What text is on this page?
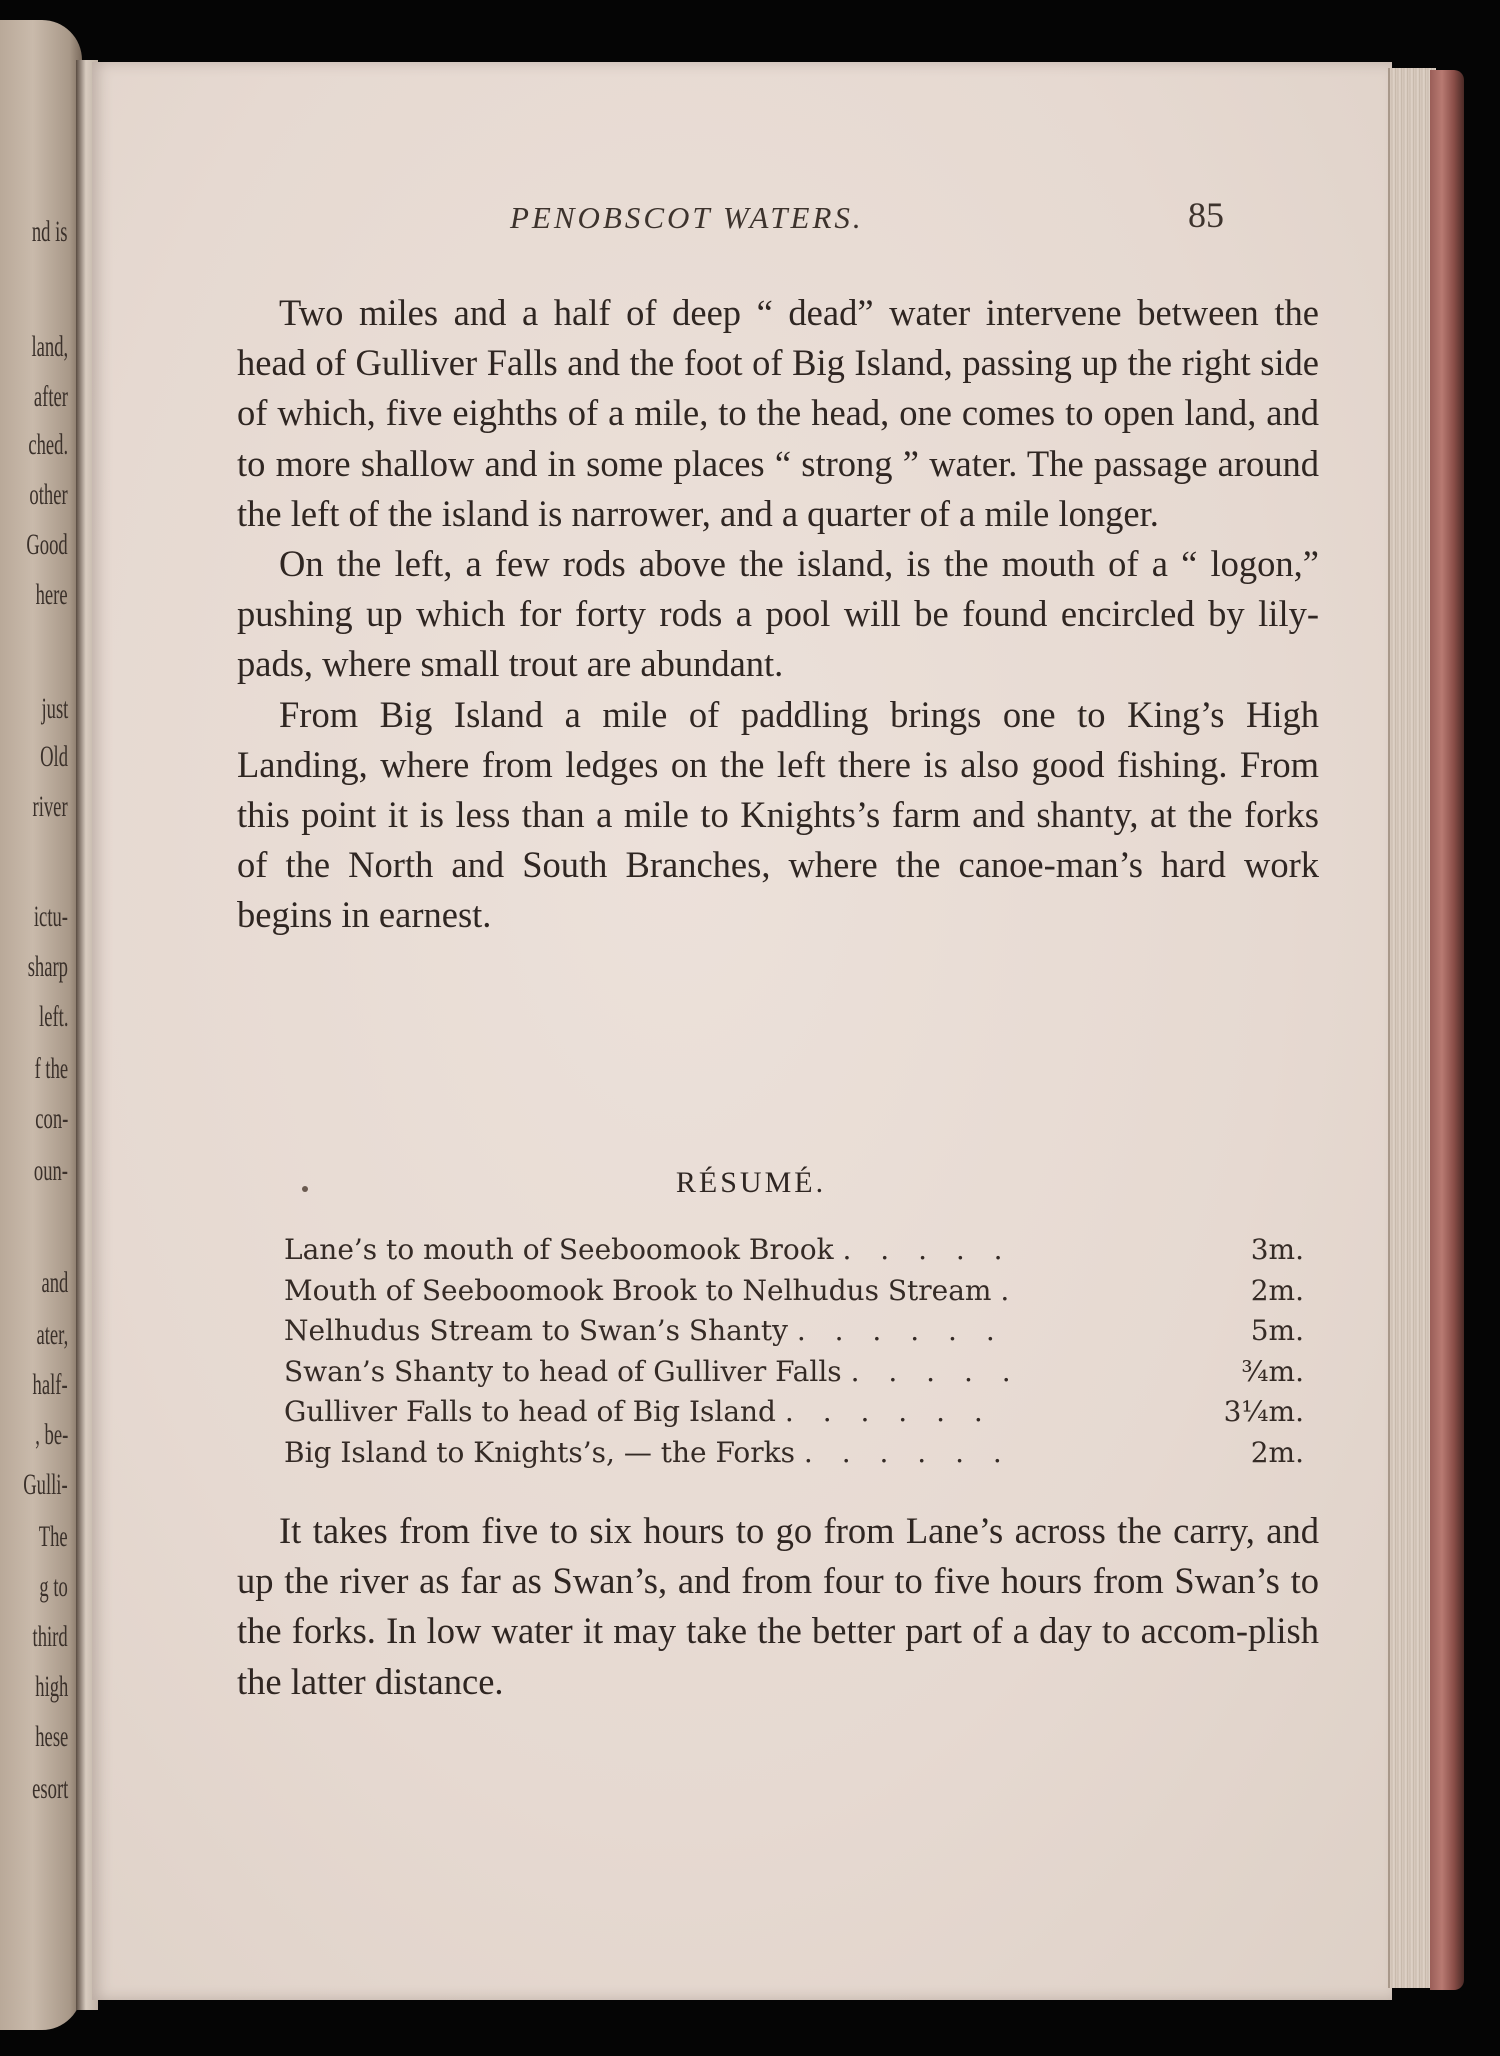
nd is
land,
after
ched.
other
Good
here
just
Old
river
ictu-
sharp
left.
f the
con-
oun-
and
ater,
half-
, be-
Gulli-
The
g to
third
high
hese
esort
PENOBSCOT WATERS.	85

Two miles and a half of deep “ dead” water intervene between the head of Gulliver Falls and the foot of Big Island, passing up the right side of which, five eighths of a mile, to the head, one comes to open land, and to more shallow and in some places “ strong ” water. The passage around the left of the island is narrower, and a quarter of a mile longer.

On the left, a few rods above the island, is the mouth of a “ logon,” pushing up which for forty rods a pool will be found encircled by lily-pads, where small trout are abundant.

From Big Island a mile of paddling brings one to King’s High Landing, where from ledges on the left there is also good fishing. From this point it is less than a mile to Knights’s farm and shanty, at the forks of the North and South Branches, where the canoe-man’s hard work begins in earnest.

RÉSUMÉ.
Lane’s to mouth of Seeboomook Brook . . . . .	3m.
Mouth of Seeboomook Brook to Nelhudus Stream .	2m.
Nelhudus Stream to Swan’s Shanty . . . . . .	5m.
Swan’s Shanty to head of Gulliver Falls . . . . .	¾m.
Gulliver Falls to head of Big Island . . . . . .	3¼m.
Big Island to Knights’s, — the Forks . . . . . .	2m.

It takes from five to six hours to go from Lane’s across the carry, and up the river as far as Swan’s, and from four to five hours from Swan’s to the forks. In low water it may take the better part of a day to accom-plish the latter distance.
